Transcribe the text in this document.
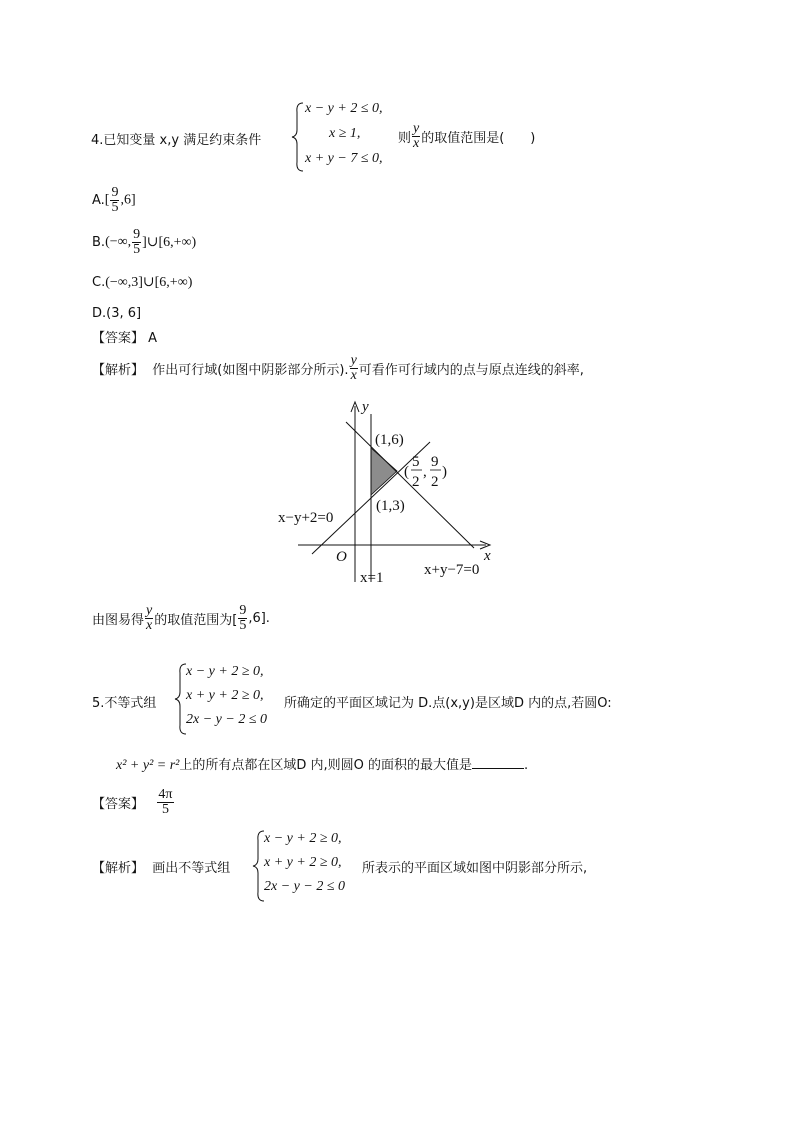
4.已知变量 x,y 满足约束条件
x − y + 2 ≤ 0,
x ≥ 1,
x + y − 7 ≤ 0,
则 $\frac{y}{x}$ 的取值范围是(　　)
$A.[ \frac{9}{5} ,6]$
B.(−∞, $\frac{9}{5}$ ]∪[6,+∞)
C.(−∞,3]∪[6,+∞)
D.(3, 6]
【答案】 A
【解析】 作出可行域(如图中阴影部分所示). $\frac{y}{x}$ 可看作可行域内的点与原点连线的斜率,
y
x
O
(1,6)
(1,3)
x−y+2=0
x+y−7=0
x=1
(
5
2
,
9
2
)
由图易得 $\frac{y}{x}$ 的取值范围为[ $\frac{9}{5} ,6$].
5.不等式组
x − y + 2 ≥ 0,
x + y + 2 ≥ 0,
2x − y − 2 ≤ 0
所确定的平面区域记为 D.点(x,y)是区域D 内的点,若圆O:
x² + y² = r²上的所有点都在区域D 内,则圆O 的面积的最大值是	.
【答案】 $\frac{4\pi}{5}$
【解析】 画出不等式组
x − y + 2 ≥ 0,
x + y + 2 ≥ 0,
2x − y − 2 ≤ 0
所表示的平面区域如图中阴影部分所示,
